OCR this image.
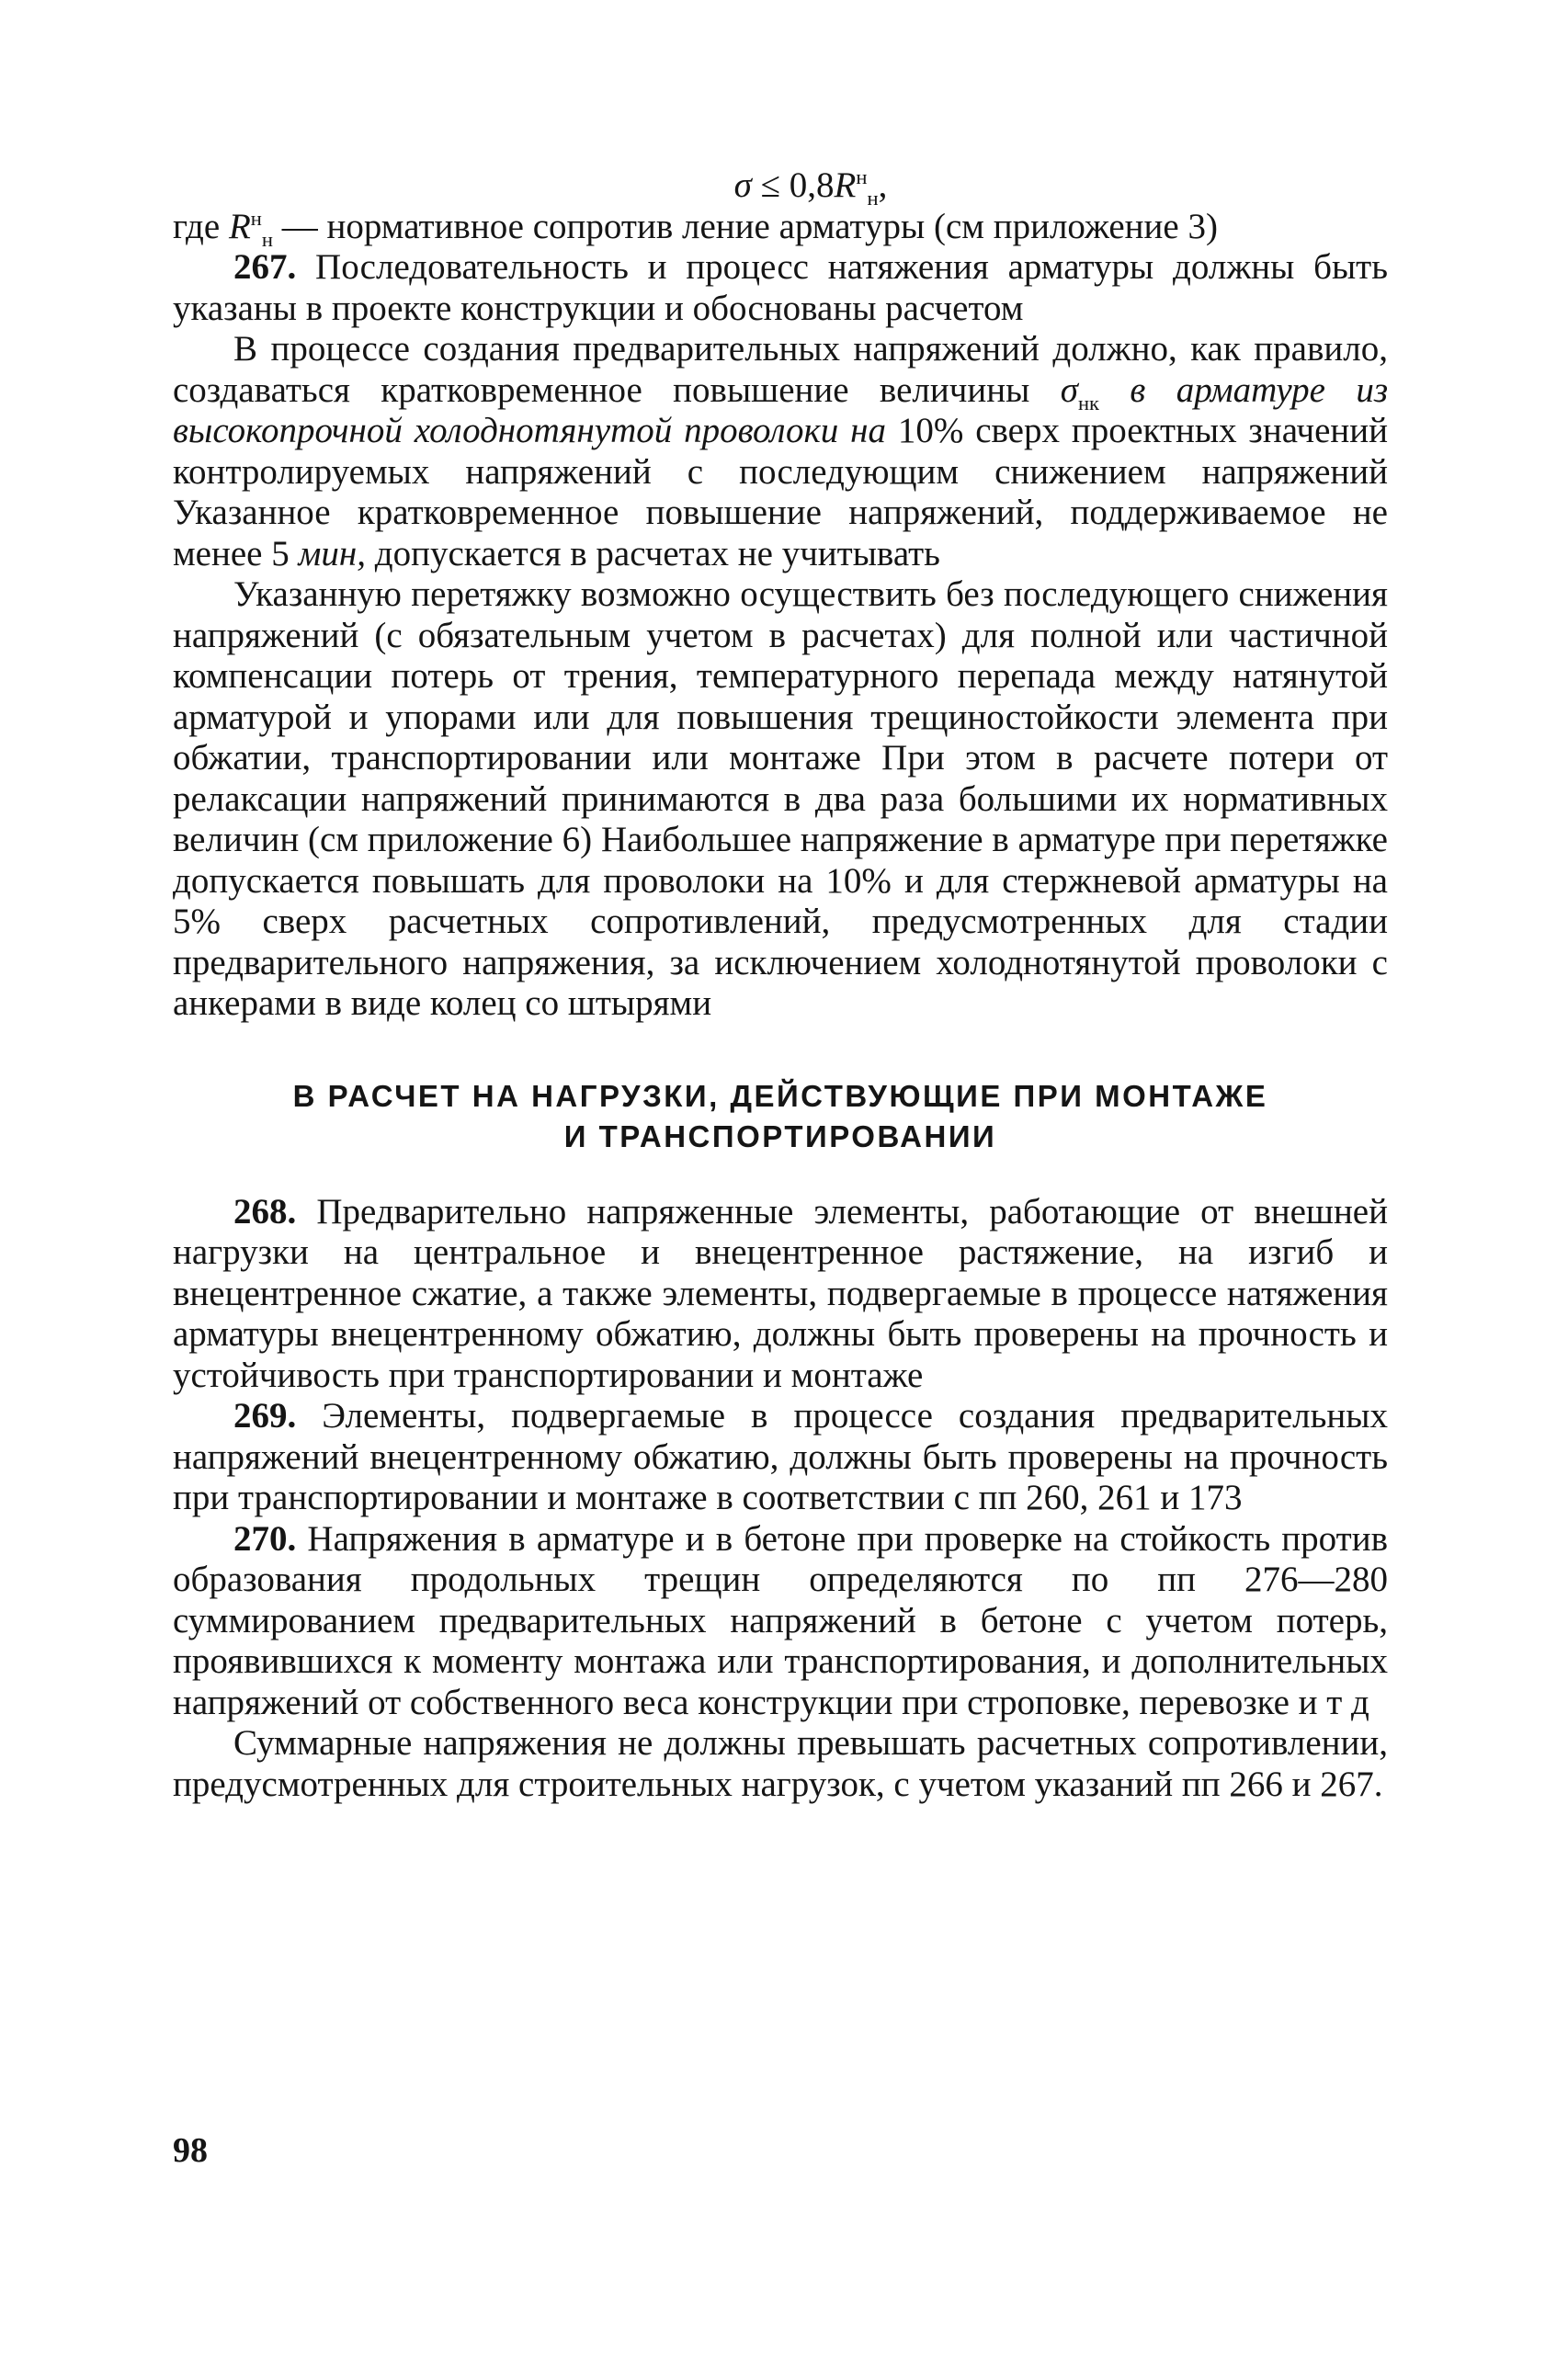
$\sigma \le 0,8R^н_н$,

где $R^н_н$ — нормативное сопротив ление арматуры (см приложение 3)

267. Последовательность и процесс натяжения арматуры должны быть указаны в проекте конструкции и обоснованы расчетом

В процессе создания предварительных напряжений должно, как правило, создаваться кратковременное повышение величины $\sigma_{нк}$ в арматуре из высокопрочной холоднотянутой проволоки на 10% сверх проектных значений контролируемых напряжений с последующим снижением напряжений Указанное кратковременное повышение напряжений, поддерживаемое не менее 5 мин, допускается в расчетах не учитывать

Указанную перетяжку возможно осуществить без последующего снижения напряжений (с обязательным учетом в расчетах) для полной или частичной компенсации потерь от трения, температурного перепада между натянутой арматурой и упорами или для повышения трещиностойкости элемента при обжатии, транспортировании или монтаже При этом в расчете потери от релаксации напряжений принимаются в два раза большими их нормативных величин (см приложение 6) Наибольшее напряжение в арматуре при перетяжке допускается повышать для проволоки на 10% и для стержневой арматуры на 5% сверх расчетных сопротивлений, предусмотренных для стадии предварительного напряжения, за исключением холоднотянутой проволоки с анкерами в виде колец со штырями

В РАСЧЕТ НА НАГРУЗКИ, ДЕЙСТВУЮЩИЕ ПРИ МОНТАЖЕ
И ТРАНСПОРТИРОВАНИИ

268. Предварительно напряженные элементы, работающие от внешней нагрузки на центральное и внецентренное растяжение, на изгиб и внецентренное сжатие, а также элементы, подвергаемые в процессе натяжения арматуры внецентренному обжатию, должны быть проверены на прочность и устойчивость при транспортировании и монтаже

269. Элементы, подвергаемые в процессе создания предварительных напряжений внецентренному обжатию, должны быть проверены на прочность при транспортировании и монтаже в соответствии с пп 260, 261 и 173

270. Напряжения в арматуре и в бетоне при проверке на стойкость против образования продольных трещин определяются по пп 276—280 суммированием предварительных напряжений в бетоне с учетом потерь, проявившихся к моменту монтажа или транспортирования, и дополнительных напряжений от собственного веса конструкции при строповке, перевозке и т д

Суммарные напряжения не должны превышать расчетных сопротивлении, предусмотренных для строительных нагрузок, с учетом указаний пп 266 и 267.

98
